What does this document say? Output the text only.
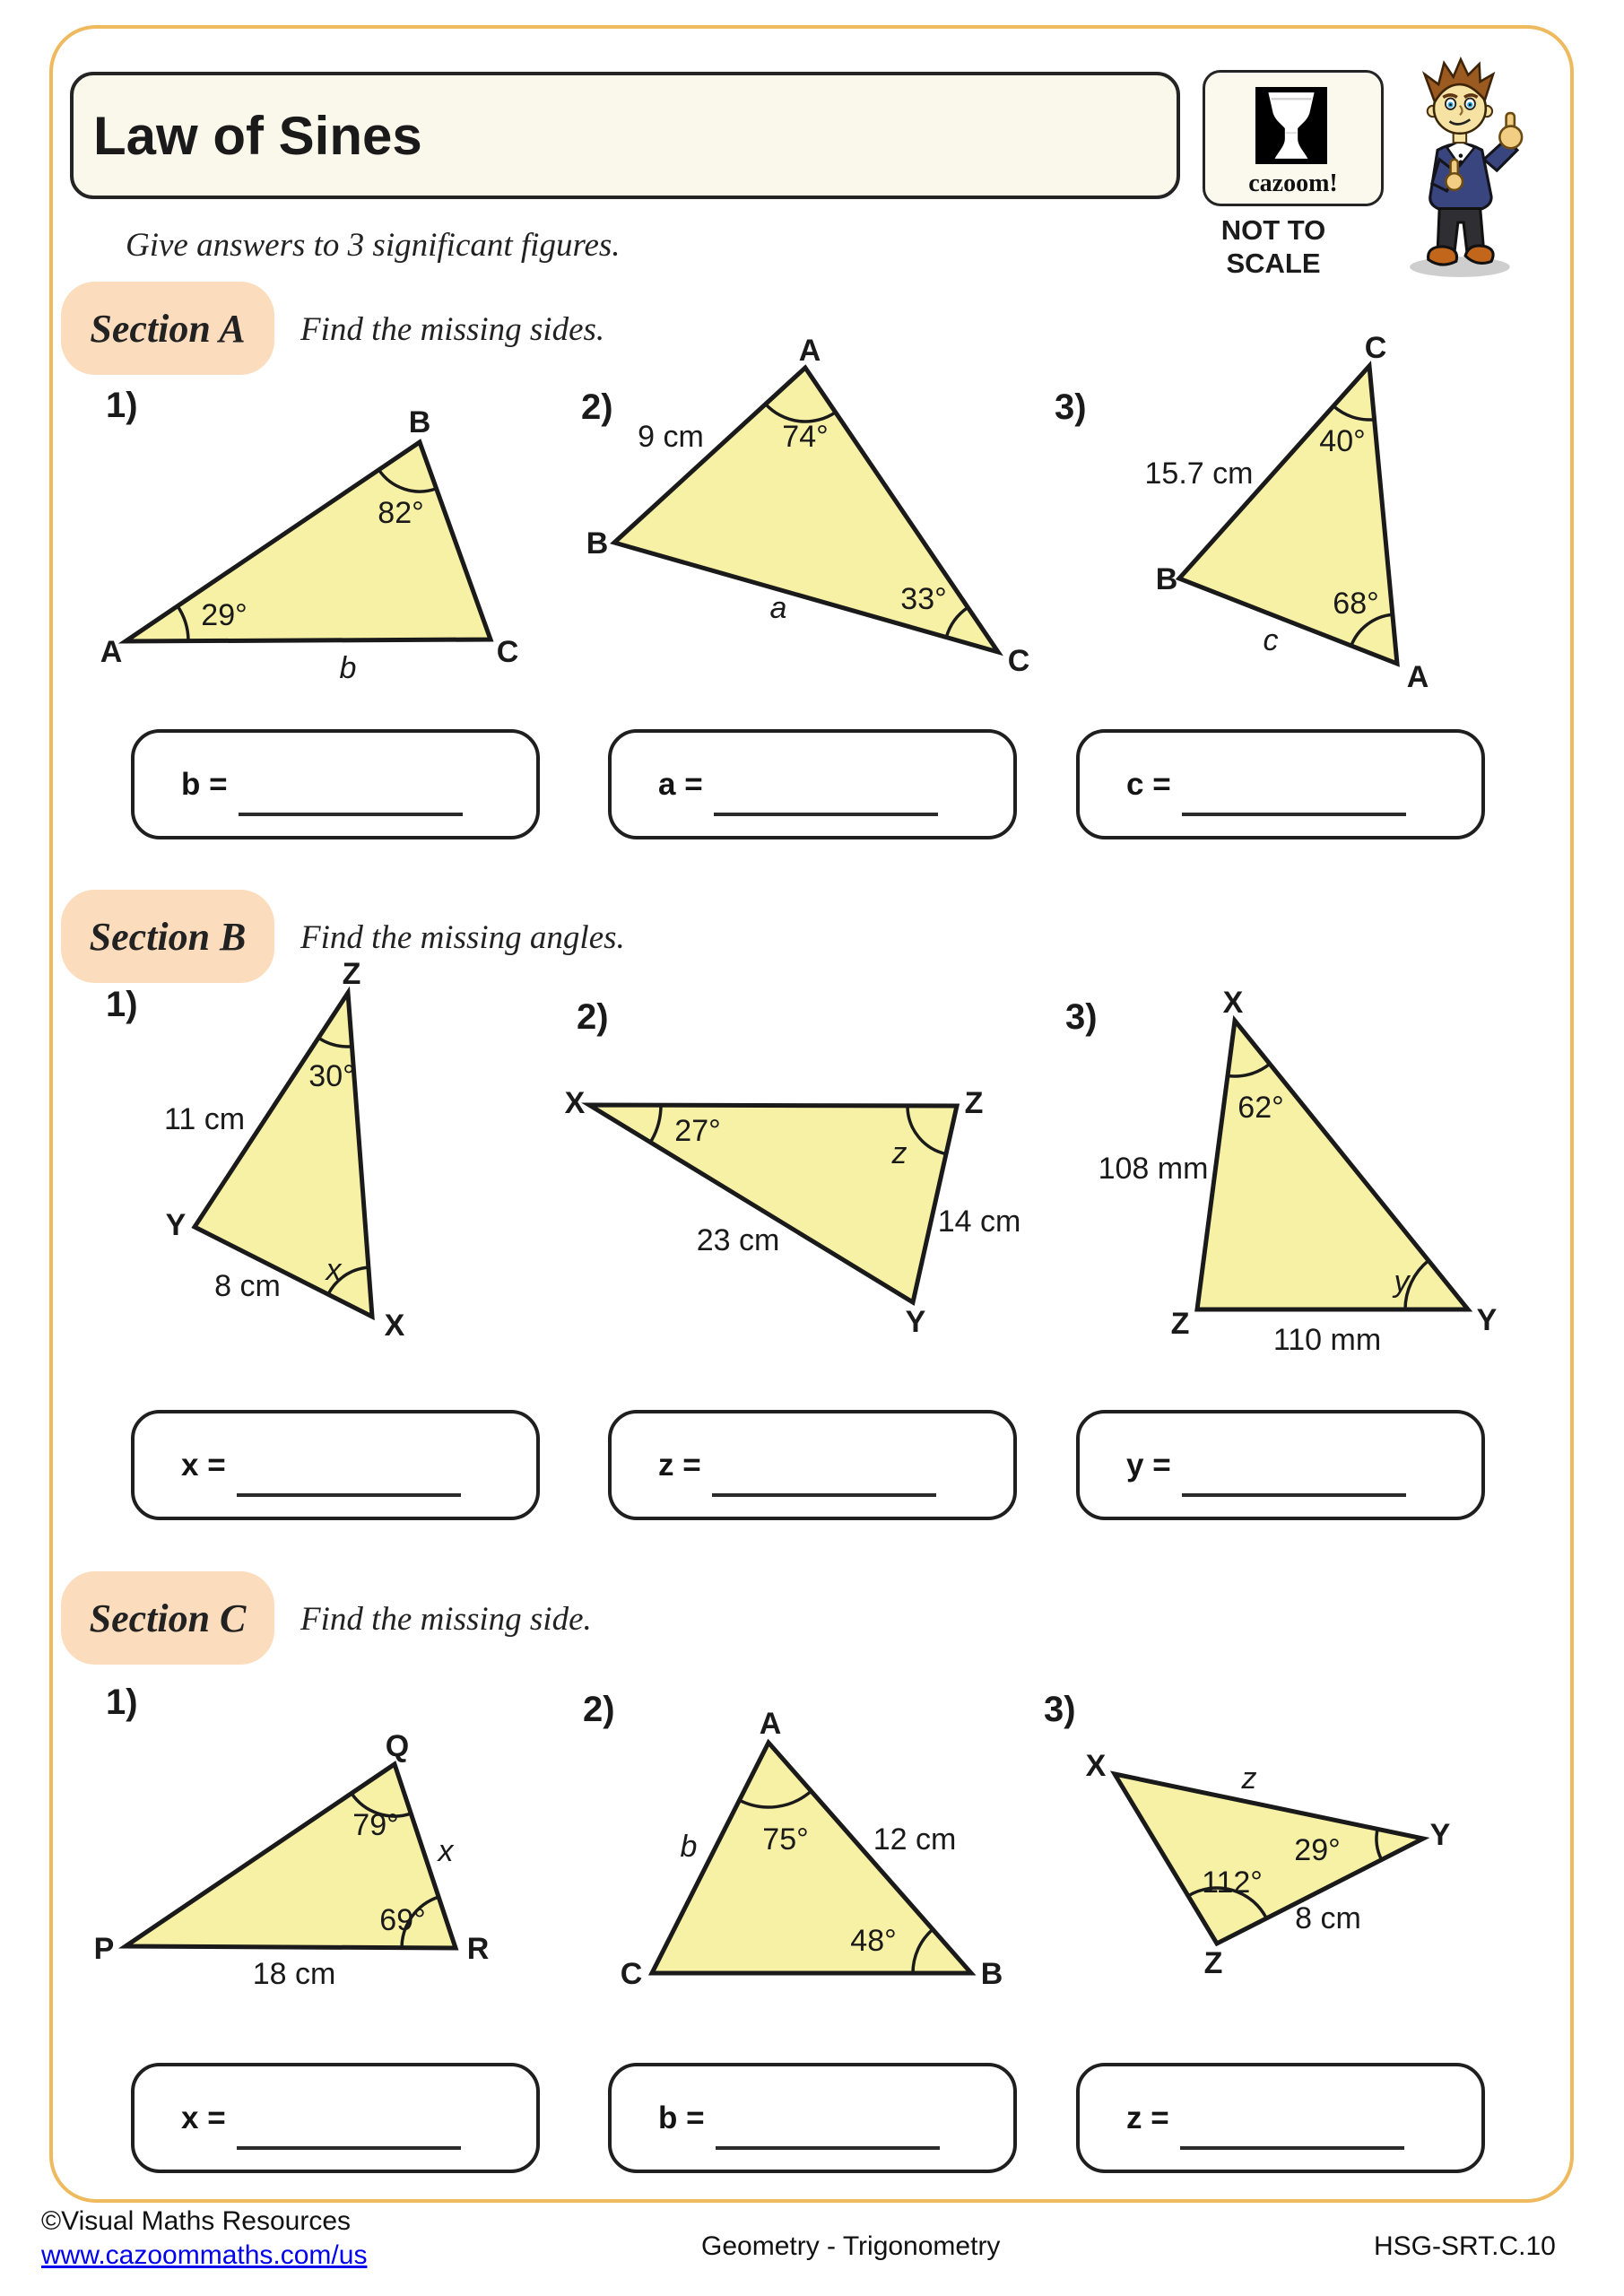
Law of Sines
cazoom!
NOT TO
SCALE
Give answers to 3 significant figures.
Section A	Find the missing sides.
Section B	Find the missing angles.
Section C	Find the missing side.
1)	2)	3)
1)	2)	3)
1)	2)	3)
82°
29°
b
B
A	C
74°
33°
9 cm
a
A
B
C
40°
68°
15.7 cm
c
C
B
A
30°
x
11 cm
8 cm
Z
Y
X
27°
z
23 cm
14 cm
X	Z
Y
62°
y
108 mm
110 mm
X
Z	Y
79°
69°
x
18 cm
Q
P	R
75°
48°
b	12 cm
A
C	B
29°
112°
z
8 cm
X
Y
Z
b =	a =	c =
x =	z =	y =
x =	b =	z =
©Visual Maths Resources
www.cazoommaths.com/us	Geometry - Trigonometry	HSG-SRT.C.10
